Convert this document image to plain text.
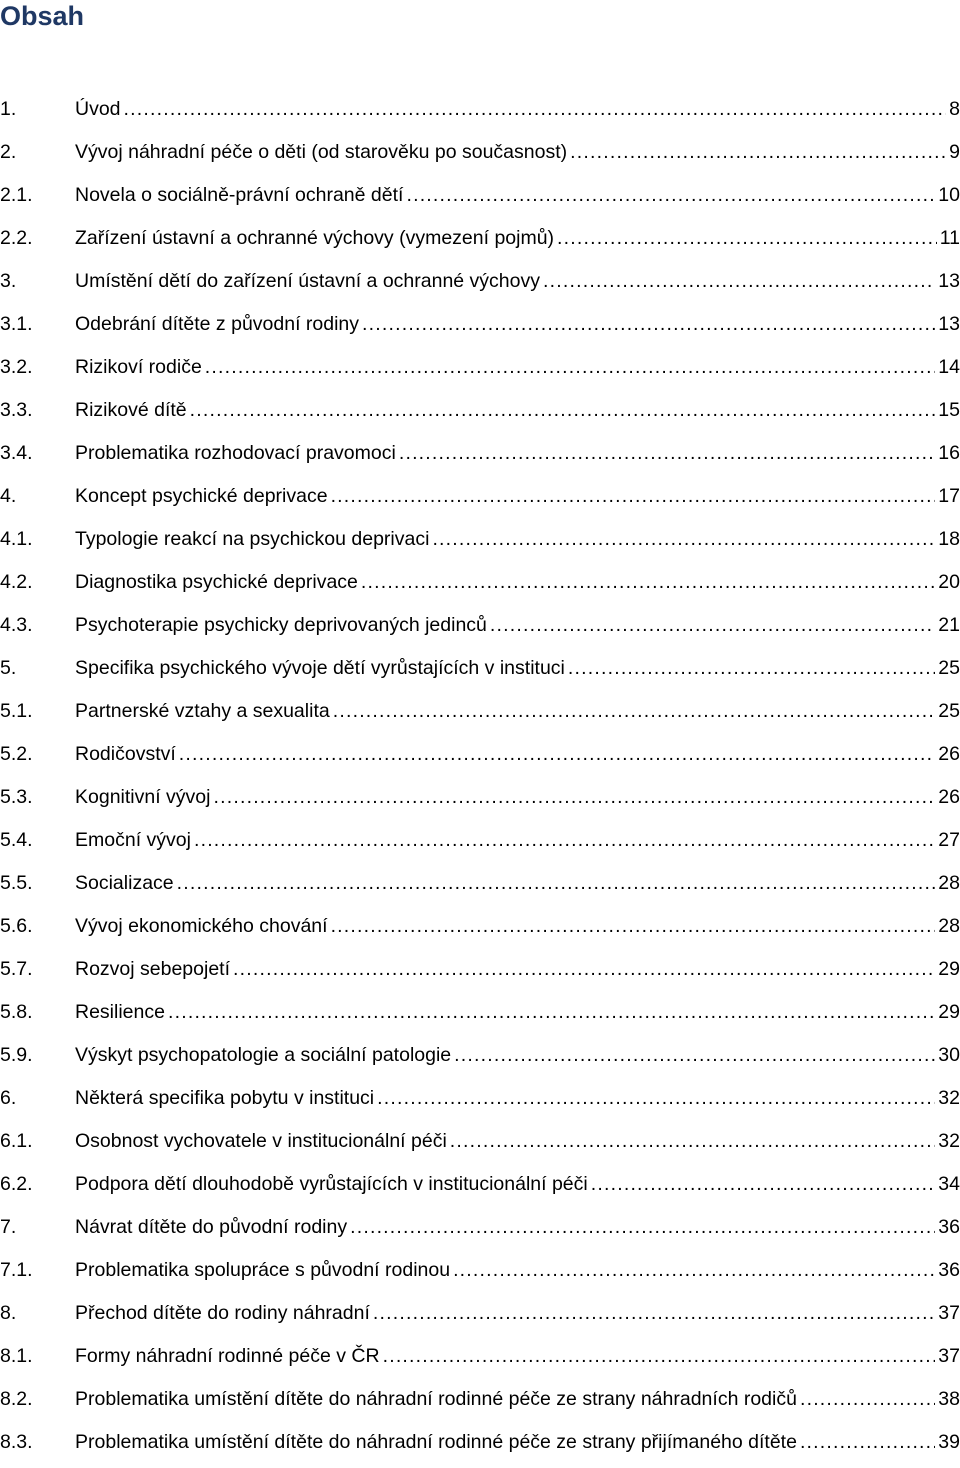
Obsah
1.	Úvod .....	8
2.	Vývoj náhradní péče o děti (od starověku po současnost) .....	9
2.1.	Novela o sociálně-právní ochraně dětí .....	10
2.2.	Zařízení ústavní a ochranné výchovy (vymezení pojmů) .....	11
3.	Umístění dětí do zařízení ústavní a ochranné výchovy .....	13
3.1.	Odebrání dítěte z původní rodiny .....	13
3.2.	Rizikoví rodiče .....	14
3.3.	Rizikové dítě .....	15
3.4.	Problematika rozhodovací pravomoci .....	16
4.	Koncept psychické deprivace .....	17
4.1.	Typologie reakcí na psychickou deprivaci .....	18
4.2.	Diagnostika psychické deprivace .....	20
4.3.	Psychoterapie psychicky deprivovaných jedinců .....	21
5.	Specifika psychického vývoje dětí vyrůstajících v instituci .....	25
5.1.	Partnerské vztahy a sexualita .....	25
5.2.	Rodičovství .....	26
5.3.	Kognitivní vývoj .....	26
5.4.	Emoční vývoj .....	27
5.5.	Socializace .....	28
5.6.	Vývoj ekonomického chování .....	28
5.7.	Rozvoj sebepojetí .....	29
5.8.	Resilience .....	29
5.9.	Výskyt psychopatologie a sociální patologie .....	30
6.	Některá specifika pobytu v instituci .....	32
6.1.	Osobnost vychovatele v institucionální péči .....	32
6.2.	Podpora dětí dlouhodobě vyrůstajících v institucionální péči .....	34
7.	Návrat dítěte do původní rodiny .....	36
7.1.	Problematika spolupráce s původní rodinou .....	36
8.	Přechod dítěte do rodiny náhradní .....	37
8.1.	Formy náhradní rodinné péče v ČR .....	37
8.2.	Problematika umístění dítěte do náhradní rodinné péče ze strany náhradních rodičů .....	38
8.3.	Problematika umístění dítěte do náhradní rodinné péče ze strany přijímaného dítěte .....	39
